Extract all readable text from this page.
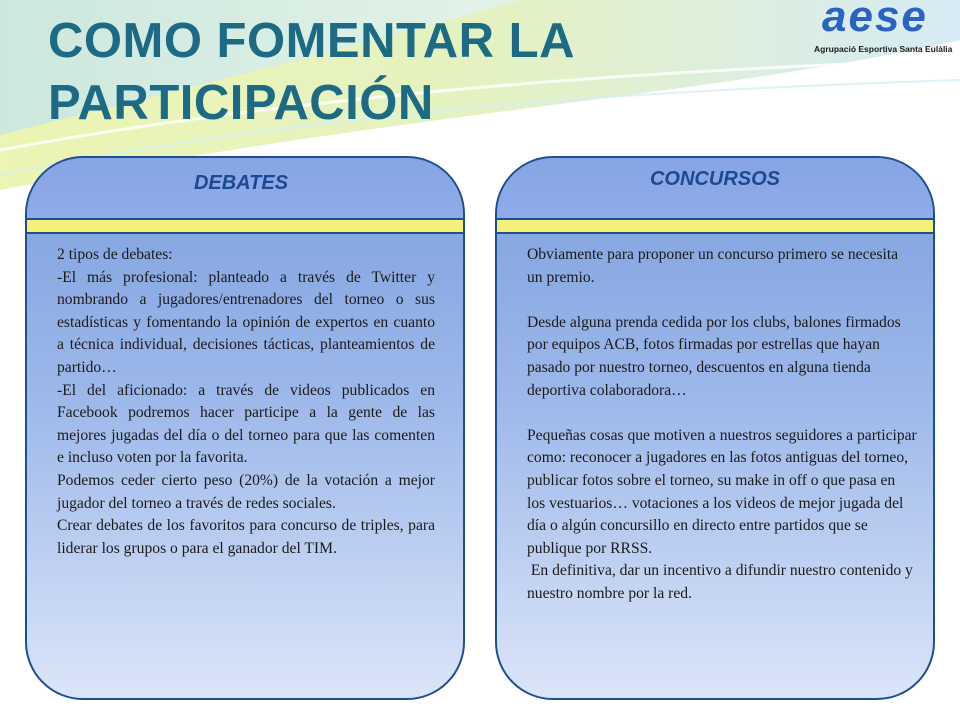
COMO FOMENTAR LA PARTICIPACIÓN
aese
Agrupació Esportiva Santa Eulàlia
DEBATES

2 tipos de debates:

-El más profesional: planteado a través de Twitter y nombrando a jugadores/entrenadores del torneo o sus estadísticas y fomentando la opinión de expertos en cuanto a técnica individual, decisiones tácticas, planteamientos de partido…

-El del aficionado: a través de videos publicados en Facebook podremos hacer participe a la gente de las mejores jugadas del día o del torneo para que las comenten e incluso voten por la favorita.

Podemos ceder cierto peso (20%) de la votación a mejor jugador del torneo a través de redes sociales.

Crear debates de los favoritos para concurso de triples, para liderar los grupos o para el ganador del TIM.

CONCURSOS

Obviamente para proponer un concurso primero se necesita un premio.

Desde alguna prenda cedida por los clubs, balones firmados por equipos ACB, fotos firmadas por estrellas que hayan pasado por nuestro torneo, descuentos en alguna tienda deportiva colaboradora…

Pequeñas cosas que motiven a nuestros seguidores a participar como: reconocer a jugadores en las fotos antiguas del torneo, publicar fotos sobre el torneo, su make in off o que pasa en los vestuarios… votaciones a los videos de mejor jugada del día o algún concursillo en directo entre partidos que se publique por RRSS.

En definitiva, dar un incentivo a difundir nuestro contenido y nuestro nombre por la red.
